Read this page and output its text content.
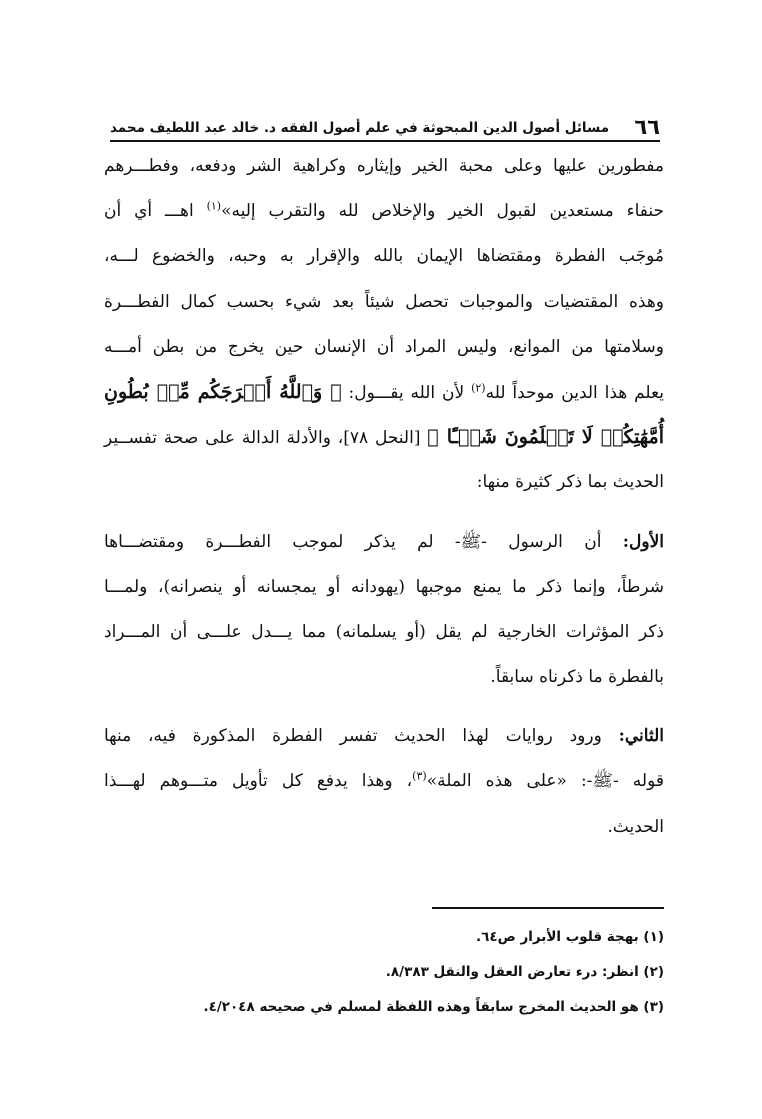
٦٦
مسائل أصول الدين المبحوثة في علم أصول الفقه د. خالد عبد اللطيف محمد
مفطورين عليها وعلى محبة الخير وإيثاره وكراهية الشر ودفعه، وفطـــرهم
حنفاء مستعدين لقبول الخير والإخلاص لله والتقرب إليه»$^{(١)}$ اهـــ أي أن
مُوجَب الفطرة ومقتضاها الإيمان بالله والإقرار به وحبه، والخضوع لـــه،
وهذه المقتضيات والموجبات تحصل شيئاً بعد شيء بحسب كمال الفطـــرة
وسلامتها من الموانع، وليس المراد أن الإنسان حين يخرج من بطن أمـــه
يعلم هذا الدين موحداً لله$^{(٢)}$ لأن الله يقـــول: ﴿ وَٱللَّهُ أَخۡرَجَكُم مِّنۢ بُطُونِ
أُمَّهَٰتِكُمۡ لَا تَعۡلَمُونَ شَيۡـًٔا ﴾ [النحل ٧٨]، والأدلة الدالة على صحة تفســير
الحديث بما ذكر كثيرة منها:
الأول: أن الرسول -ﷺ- لم يذكر لموجب الفطـــرة ومقتضـــاها
شرطاً، وإنما ذكر ما يمنع موجبها (يهودانه أو يمجسانه أو ينصرانه)، ولمـــا
ذكر المؤثرات الخارجية لم يقل (أو يسلمانه) مما يـــدل علـــى أن المـــراد
بالفطرة ما ذكرناه سابقاً.
الثاني: ورود روايات لهذا الحديث تفسر الفطرة المذكورة فيه، منها
قوله -ﷺ-: «على هذه الملة»$^{(٣)}$، وهذا يدفع كل تأويل متـــوهم لهـــذا
الحديث.
(١) بهجة قلوب الأبرار ص٦٤.
(٢) انظر: درء تعارض العقل والنقل ٨/٣٨٣.
(٣) هو الحديث المخرج سابقاً وهذه اللفظة لمسلم في صحيحه ٤/٢٠٤٨.
